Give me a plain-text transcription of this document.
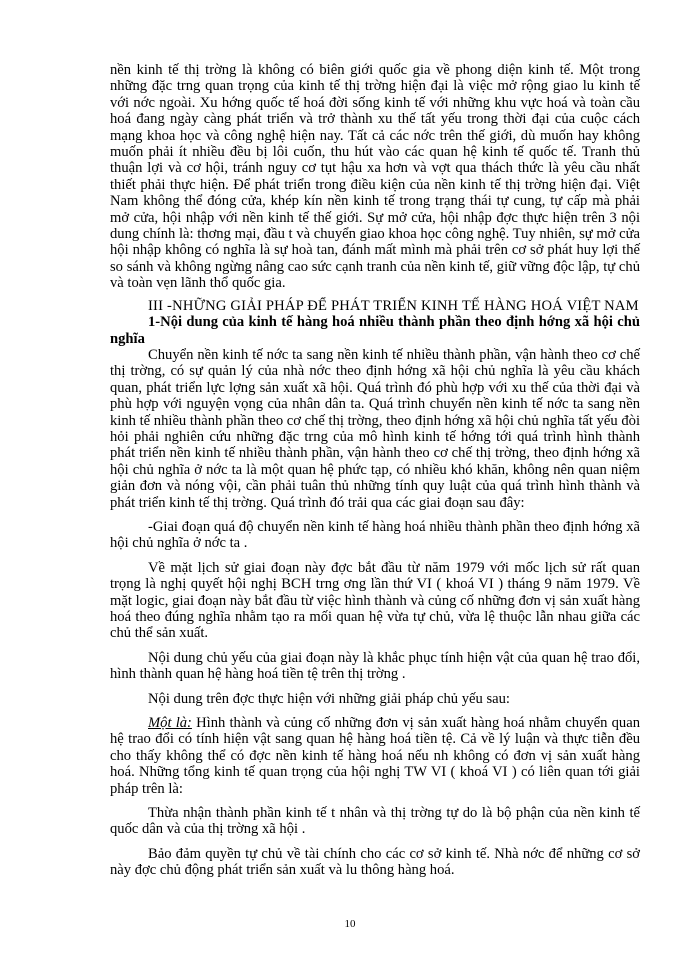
nền kinh tế thị trờng là không có biên giới quốc gia về phong diện kinh tế. Một trong những đặc trng quan trọng của kinh tế thị trờng hiện đại là việc mở rộng giao lu kinh tế với nớc ngoài. Xu hớng quốc tế hoá đời sống kinh tế với những khu vực hoá và toàn cầu hoá đang ngày càng phát triển và trở thành xu thế tất yếu trong thời đại của cuộc cách mạng khoa học và công nghệ hiện nay. Tất cả các nớc trên thế giới, dù muốn hay không muốn phải ít nhiều đều bị lôi cuốn, thu hút vào các quan hệ kinh tế quốc tế. Tranh thủ thuận lợi và cơ hội, tránh nguy cơ tụt hậu xa hơn và vợt qua thách thức là yêu cầu nhất thiết phải thực hiện. Để phát triển trong điều kiện của nền kinh tế thị trờng hiện đại. Việt Nam không thể đóng cửa, khép kín nền kinh tế trong trạng thái tự cung, tự cấp mà phải mở cửa, hội nhập với nền kinh tế thế giới. Sự mở cửa, hội nhập đợc thực hiện trên 3 nội dung chính là: thơng mại, đầu t và chuyển giao khoa học công nghệ. Tuy nhiên, sự mở cửa hội nhập không có nghĩa là sự hoà tan, đánh mất mình mà phải trên cơ sở phát huy lợi thế so sánh và không ngừng nâng cao sức cạnh tranh của nền kinh tế, giữ vững độc lập, tự chủ và toàn vẹn lãnh thổ quốc gia.

III -NHỮNG GIẢI PHÁP ĐỂ PHÁT TRIỂN KINH TẾ HÀNG HOÁ VIỆT NAM

1-Nội dung của kinh tế hàng hoá nhiều thành phần theo định hớng xã hội chủ nghĩa

Chuyển nền kinh tế nớc ta sang nền kinh tế nhiều thành phần, vận hành theo cơ chế thị trờng, có sự quản lý của nhà nớc theo định hớng xã hội chủ nghĩa là yêu cầu khách quan, phát triển lực lợng sản xuất xã hội. Quá trình đó phù hợp với xu thế của thời đại và phù hợp với nguyện vọng của nhân dân ta. Quá trình chuyển nền kinh tế nớc ta sang nền kinh tế nhiều thành phần theo cơ chế thị trờng, theo định hớng xã hội chủ nghĩa tất yếu đòi hỏi phải nghiên cứu những đặc trng của mô hình kinh tế hớng tới quá trình hình thành phát triển nền kinh tế nhiều thành phần, vận hành theo cơ chế thị trờng, theo định hớng xã hội chủ nghĩa ở nớc ta là một quan hệ phức tạp, có nhiều khó khăn, không nên quan niệm giản đơn và nóng vội, cần phải tuân thủ những tính quy luật của quá trình hình thành và phát triển kinh tế thị trờng. Quá trình đó trải qua các giai đoạn sau đây:

-Giai đoạn quá độ chuyển nền kinh tế hàng hoá nhiều thành phần theo định hớng xã hội chủ nghĩa ở nớc ta .

Về mặt lịch sử giai đoạn này đợc bắt đầu từ năm 1979 với mốc lịch sử rất quan trọng là nghị quyết hội nghị BCH trng ơng lần thứ VI ( khoá VI ) tháng 9 năm 1979. Về mặt logic, giai đoạn này bắt đầu từ việc hình thành và củng cố những đơn vị sản xuất hàng hoá theo đúng nghĩa nhằm tạo ra mối quan hệ vừa tự chủ, vừa lệ thuộc lẫn nhau giữa các chủ thể sản xuất.

Nội dung chủ yếu của giai đoạn này là khắc phục tính hiện vật của quan hệ trao đổi, hình thành quan hệ hàng hoá tiền tệ trên thị trờng .

Nội dung trên đợc thực hiện với những giải pháp chủ yếu sau:

Một là: Hình thành và củng cố những đơn vị sản xuất hàng hoá nhằm chuyển quan hệ trao đổi có tính hiện vật sang quan hệ hàng hoá tiền tệ. Cả về lý luận và thực tiễn đều cho thấy không thể có đợc nền kinh tế hàng hoá nếu nh không có đơn vị sản xuất hàng hoá. Những tổng kinh tế quan trọng của hội nghị TW VI ( khoá VI ) có liên quan tới giải pháp trên là:

Thừa nhận thành phần kinh tế t nhân và thị trờng tự do là bộ phận của nền kinh tế quốc dân và của thị trờng xã hội .

Bảo đảm quyền tự chủ về tài chính cho các cơ sở kinh tế. Nhà nớc để những cơ sở này đợc chủ động phát triển sản xuất và lu thông hàng hoá.

10
